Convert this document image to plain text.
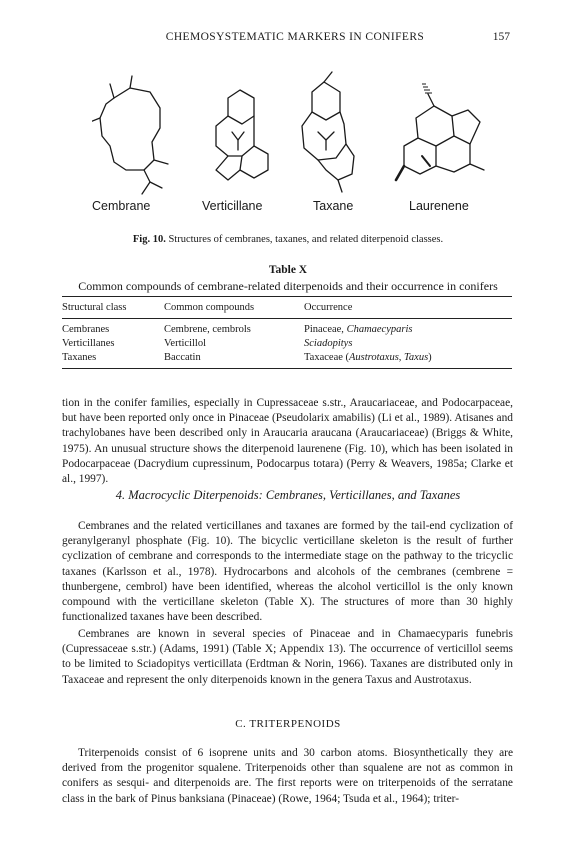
CHEMOSYSTEMATIC MARKERS IN CONIFERS	157
Cembrane	Verticillane	Taxane	Laurenene
Fig. 10. Structures of cembranes, taxanes, and related diterpenoid classes.
Table X
Common compounds of cembrane-related diterpenoids and their occurrence in conifers
Structural class	Common compounds	Occurrence
Cembranes	Cembrene, cembrols	Pinaceae, Chamaecyparis
Verticillanes	Verticillol	Sciadopitys
Taxanes	Baccatin	Taxaceae (Austrotaxus, Taxus)

tion in the conifer families, especially in Cupressaceae s.str., Araucariaceae, and Podocarpaceae, but have been reported only once in Pinaceae (Pseudolarix amabilis) (Li et al., 1989). Atisanes and trachylobanes have been described only in Araucaria araucana (Araucariaceae) (Briggs & White, 1975). An unusual structure shows the diterpenoid laurenene (Fig. 10), which has been isolated in Podocarpaceae (Dacrydium cupressinum, Podocarpus totara) (Perry & Weavers, 1985a; Clarke et al., 1997).

4. Macrocyclic Diterpenoids: Cembranes, Verticillanes, and Taxanes

Cembranes and the related verticillanes and taxanes are formed by the tail-end cyclization of geranylgeranyl phosphate (Fig. 10). The bicyclic verticillane skeleton is the result of further cyclization of cembrane and corresponds to the intermediate stage on the pathway to the tricyclic taxanes (Karlsson et al., 1978). Hydrocarbons and alcohols of the cembranes (cembrene = thunbergene, cembrol) have been identified, whereas the alcohol verticillol is the only known compound with the verticillane skeleton (Table X). The structures of more than 30 highly functionalized taxanes have been described.

Cembranes are known in several species of Pinaceae and in Chamaecyparis funebris (Cupressaceae s.str.) (Adams, 1991) (Table X; Appendix 13). The occurrence of verticillol seems to be limited to Sciadopitys verticillata (Erdtman & Norin, 1966). Taxanes are distributed only in Taxaceae and represent the only diterpenoids known in the genera Taxus and Austrotaxus.

C. TRITERPENOIDS

Triterpenoids consist of 6 isoprene units and 30 carbon atoms. Biosynthetically they are derived from the progenitor squalene. Triterpenoids other than squalene are not as common in conifers as sesqui- and diterpenoids are. The first reports were on triterpenoids of the serratane class in the bark of Pinus banksiana (Pinaceae) (Rowe, 1964; Tsuda et al., 1964); triter-
